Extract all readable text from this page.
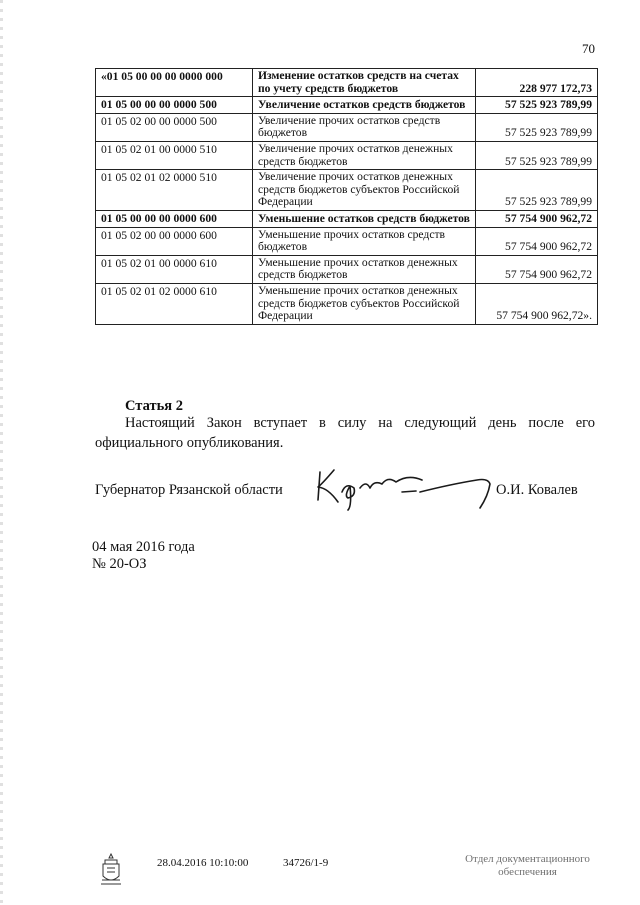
70
«01 05 00 00 00 0000 000	Изменение остатков средств на счетах по учету средств бюджетов	228 977 172,73
01 05 00 00 00 0000 500	Увеличение остатков средств бюджетов	57 525 923 789,99
01 05 02 00 00 0000 500	Увеличение прочих остатков средств бюджетов	57 525 923 789,99
01 05 02 01 00 0000 510	Увеличение прочих остатков денежных средств бюджетов	57 525 923 789,99
01 05 02 01 02 0000 510	Увеличение прочих остатков денежных средств бюджетов субъектов Российской Федерации	57 525 923 789,99
01 05 00 00 00 0000 600	Уменьшение остатков средств бюджетов	57 754 900 962,72
01 05 02 00 00 0000 600	Уменьшение прочих остатков средств бюджетов	57 754 900 962,72
01 05 02 01 00 0000 610	Уменьшение прочих остатков денежных средств бюджетов	57 754 900 962,72
01 05 02 01 02 0000 610	Уменьшение прочих остатков денежных средств бюджетов субъектов Российской Федерации	57 754 900 962,72».
Статья 2

Настоящий Закон вступает в силу на следующий день после его официального опубликования.

Губернатор Рязанской области	О.И. Ковалев
04 мая 2016 года
№ 20-ОЗ
28.04.2016 10:10:00	34726/1-9	Отдел документационного
обеспечения
